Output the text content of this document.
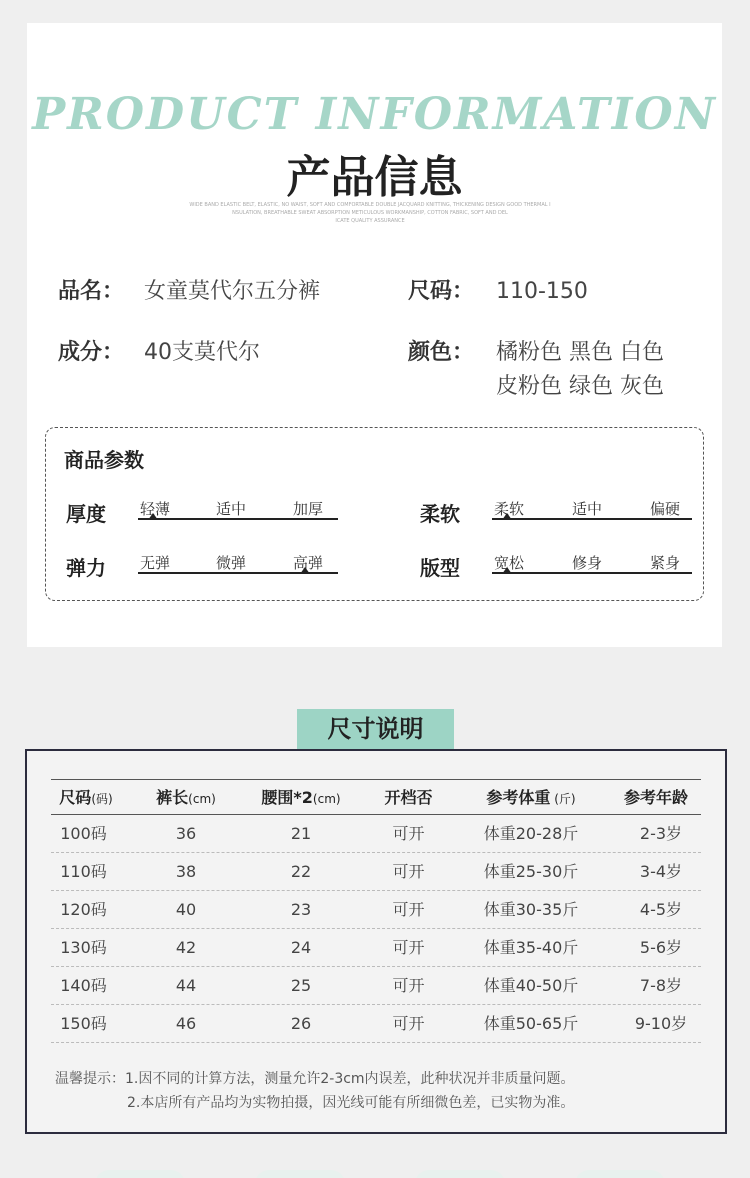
PRODUCT INFORMATION
产品信息
WIDE BAND ELASTIC BELT, ELASTIC, NO WAIST, SOFT AND COMFORTABLE DOUBLE JACQUARD KNITTING, THICKENING DESIGN GOOD THERMAL I
NSULATION, BREATHABLE SWEAT ABSORPTION METICULOUS WORKMANSHIP, COTTON FABRIC, SOFT AND DEL
ICATE QUALITY ASSURANCE
品名： 女童莫代尔五分裤	尺码： 110-150
成分： 40支莫代尔	颜色： 橘粉色 黑色 白色
皮粉色 绿色 灰色
商品参数
厚度 轻薄	适中	加厚	柔软 柔软	适中	偏硬
弹力 无弹	微弹	高弹	版型 宽松	修身	紧身
尺寸说明
尺码(码)	裤长(cm)	腰围*2(cm)	开档否	参考体重 (斤)	参考年龄
100码	36	21	可开	体重20-28斤	2-3岁
110码	38	22	可开	体重25-30斤	3-4岁
120码	40	23	可开	体重30-35斤	4-5岁
130码	42	24	可开	体重35-40斤	5-6岁
140码	44	25	可开	体重40-50斤	7-8岁
150码	46	26	可开	体重50-65斤	9-10岁
温馨提示：1.因不同的计算方法，测量允许2-3cm内误差，此种状况并非质量问题。
2.本店所有产品均为实物拍摄，因光线可能有所细微色差，已实物为准。
